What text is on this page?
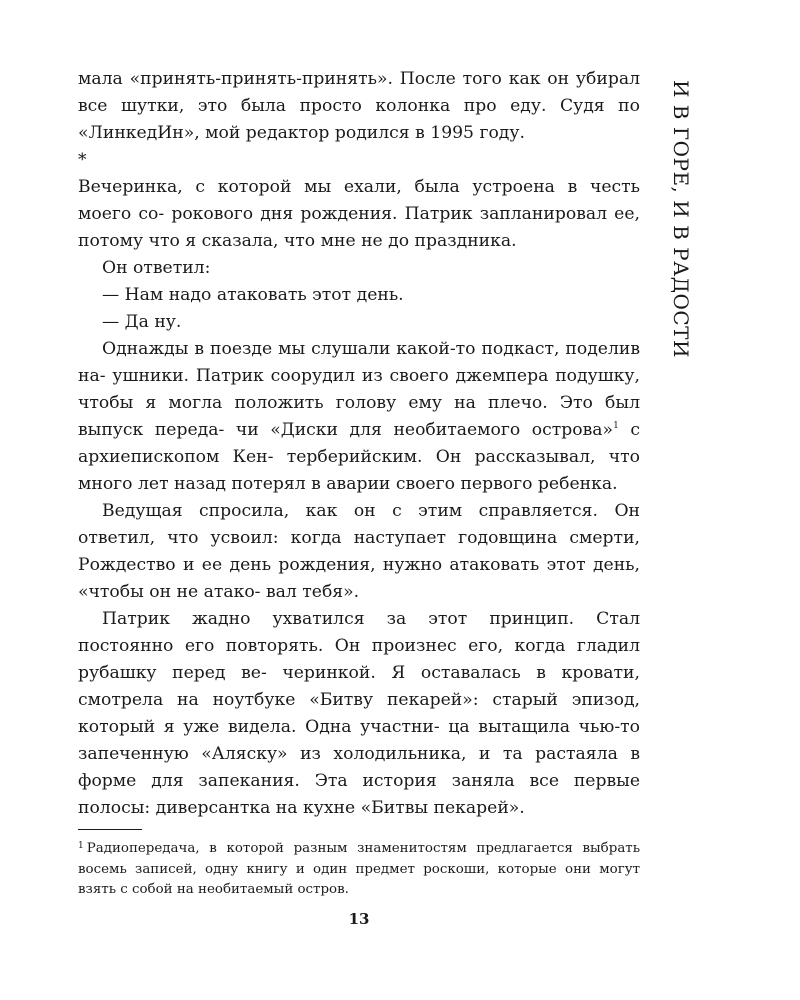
И В ГОРЕ, И В РАДОСТИ

мала «принять-принять-принять». После того как он убирал все шутки, это была просто колонка про еду. Судя по «ЛинкедИн», мой редактор родился в 1995 году.

*

Вечеринка, с которой мы ехали, была устроена в честь моего со- рокового дня рождения. Патрик запланировал ее, потому что я сказала, что мне не до праздника.

Он ответил:

— Нам надо атаковать этот день.

— Да ну.

Однажды в поезде мы слушали какой-то подкаст, поделив на- ушники. Патрик соорудил из своего джемпера подушку, чтобы я могла положить голову ему на плечо. Это был выпуск переда- чи «Диски для необитаемого острова»$^1$ с архиепископом Кен- терберийским. Он рассказывал, что много лет назад потерял в аварии своего первого ребенка.

Ведущая спросила, как он с этим справляется. Он ответил, что усвоил: когда наступает годовщина смерти, Рождество и ее день рождения, нужно атаковать этот день, «чтобы он не атако- вал тебя».

Патрик жадно ухватился за этот принцип. Стал постоянно его повторять. Он произнес его, когда гладил рубашку перед ве- черинкой. Я оставалась в кровати, смотрела на ноутбуке «Битву пекарей»: старый эпизод, который я уже видела. Одна участни- ца вытащила чью-то запеченную «Аляску» из холодильника, и та растаяла в форме для запекания. Эта история заняла все первые полосы: диверсантка на кухне «Битвы пекарей».

$^1$ Радиопередача, в которой разным знаменитостям предлагается выбрать восемь записей, одну книгу и один предмет роскоши, которые они могут взять с собой на необитаемый остров.
13
